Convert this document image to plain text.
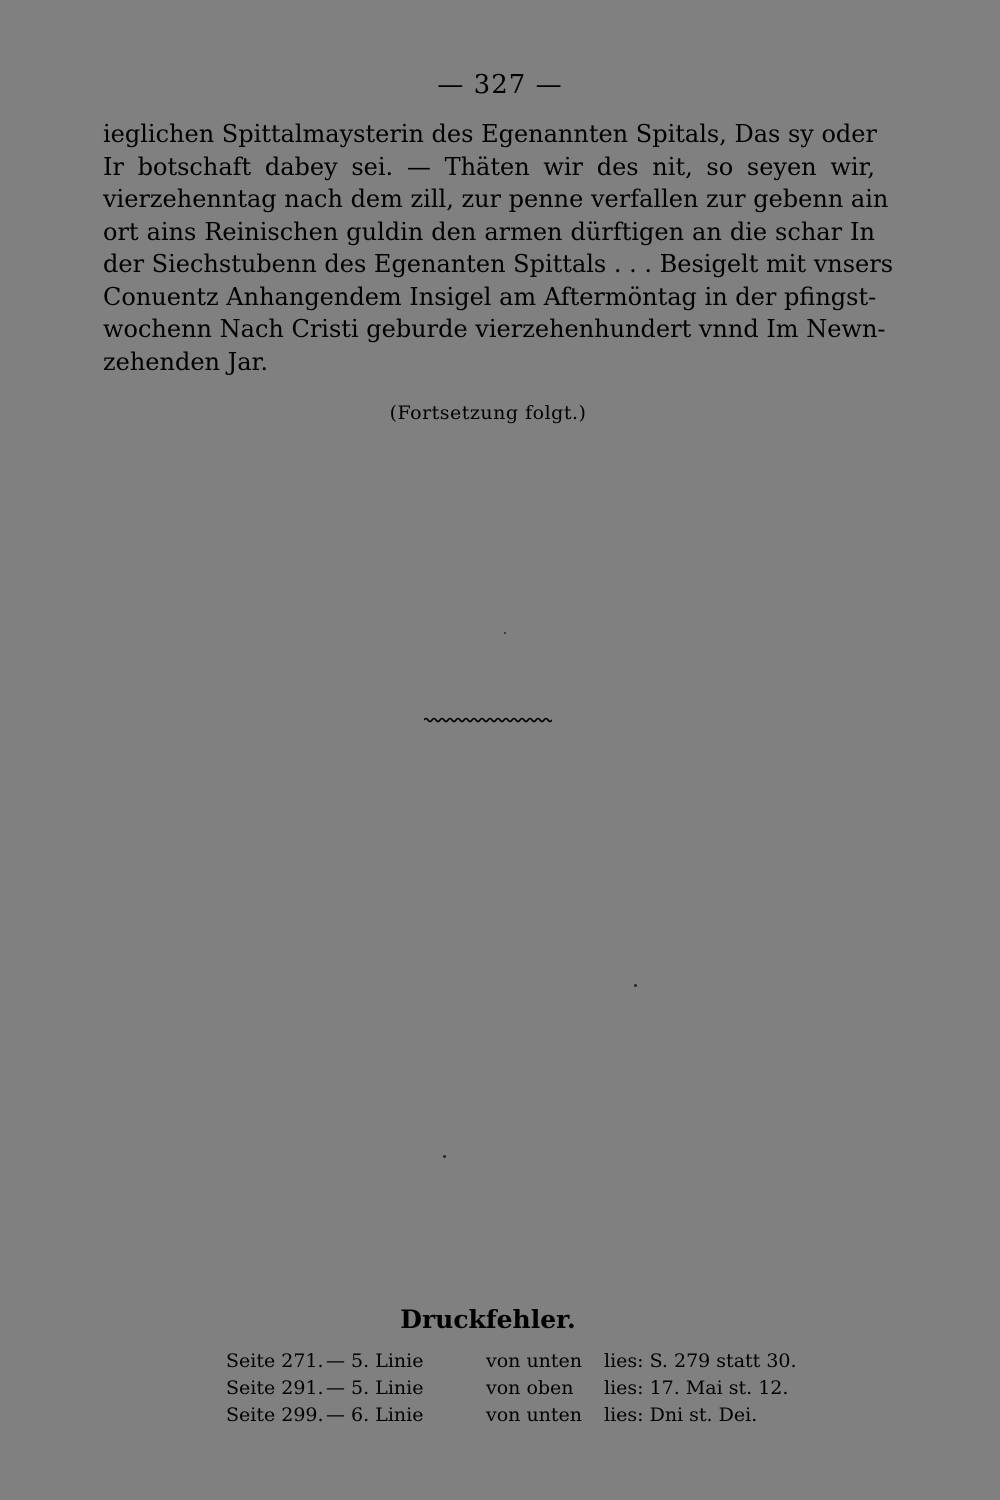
— 327 —
ieglichen Spittalmaysterin des Egenannten Spitals, Das sy oder
Ir botschaft dabey sei. — Thäten wir des nit, so seyen wir,
vierzehenntag nach dem zill, zur penne verfallen zur gebenn ain
ort ains Reinischen guldin den armen dürftigen an die schar In
der Siechstubenn des Egenanten Spittals . . . Besigelt mit vnsers
Conuentz Anhangendem Insigel am Aftermöntag in der pfingst-
wochenn Nach Cristi geburde vierzehenhundert vnnd Im Newn-
zehenden Jar.
(Fortsetzung folgt.)
Druckfehler.
Seite 271. — 5. Linie	von unten lies: S. 279 statt 30.
Seite 291. — 5. Linie	von oben lies: 17. Mai st. 12.
Seite 299. — 6. Linie	von unten lies: Dni st. Dei.
